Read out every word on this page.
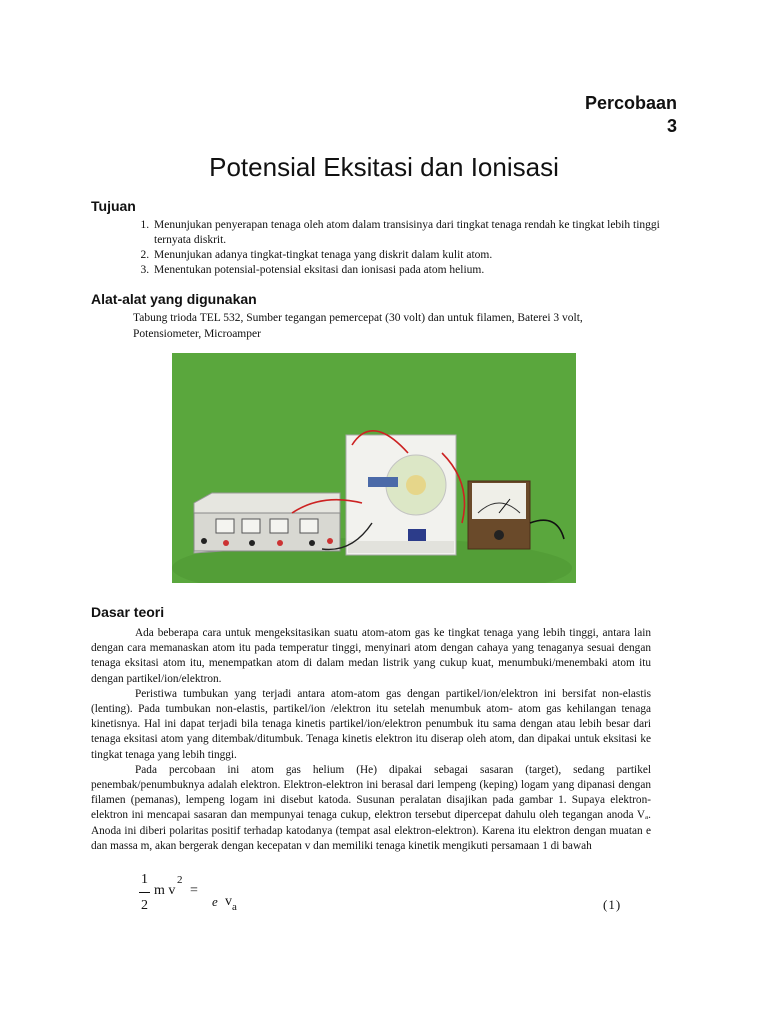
Percobaan
3
Potensial Eksitasi dan Ionisasi
Tujuan
1. Menunjukan penyerapan tenaga oleh atom dalam transisinya dari tingkat tenaga rendah ke tingkat lebih tinggi ternyata diskrit.
2. Menunjukan adanya tingkat-tingkat tenaga yang diskrit dalam kulit atom.
3. Menentukan potensial-potensial eksitasi dan ionisasi pada atom helium.
Alat-alat yang digunakan
Tabung trioda TEL 532, Sumber tegangan pemercepat (30 volt) dan untuk filamen, Baterei 3 volt, Potensiometer, Microamper
Dasar teori

Ada beberapa cara untuk mengeksitasikan suatu atom-atom gas ke tingkat tenaga yang lebih tinggi, antara lain dengan cara memanaskan atom itu pada temperatur tinggi, menyinari atom dengan cahaya yang tenaganya sesuai dengan tenaga eksitasi atom itu, menempatkan atom di dalam medan listrik yang cukup kuat, menumbuki/menembaki atom itu dengan partikel/ion/elektron.

Peristiwa tumbukan yang terjadi antara atom-atom gas dengan partikel/ion/elektron ini bersifat non-elastis (lenting). Pada tumbukan non-elastis, partikel/ion /elektron itu setelah menumbuk atom- atom gas kehilangan tenaga kinetisnya. Hal ini dapat terjadi bila tenaga kinetis partikel/ion/elektron penumbuk itu sama dengan atau lebih besar dari tenaga eksitasi atom yang ditembak/ditumbuk. Tenaga kinetis elektron itu diserap oleh atom, dan dipakai untuk eksitasi ke tingkat tenaga yang lebih tinggi.

Pada percobaan ini atom gas helium (He) dipakai sebagai sasaran (target), sedang partikel penembak/penumbuknya adalah elektron. Elektron-elektron ini berasal dari lempeng (keping) logam yang dipanasi dengan filamen (pemanas), lempeng logam ini disebut katoda. Susunan peralatan disajikan pada gambar 1. Supaya elektron-elektron ini mencapai sasaran dan mempunyai tenaga cukup, elektron tersebut dipercepat dahulu oleh tegangan anoda Vₐ. Anoda ini diberi polaritas positif terhadap katodanya (tempat asal elektron-elektron). Karena itu elektron dengan muatan e dan massa m, akan bergerak dengan kecepatan v dan memiliki tenaga kinetik mengikuti persamaan 1 di bawah

1
2
m v
2
=
e v a	(1)
